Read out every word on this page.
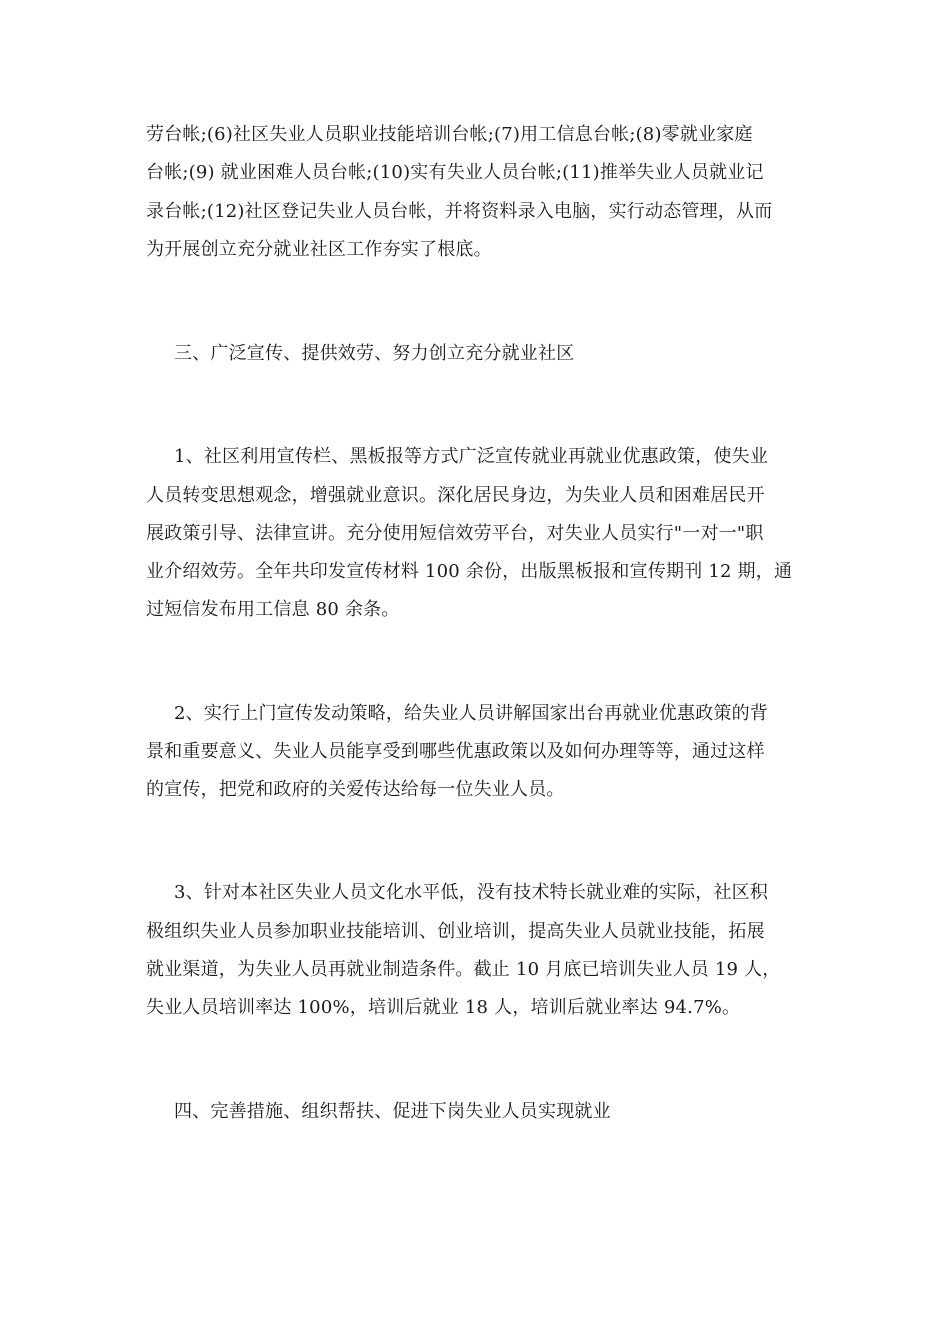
劳台帐;(6)社区失业人员职业技能培训台帐;(7)用工信息台帐;(8)零就业家庭
台帐;(9) 就业困难人员台帐;(10)实有失业人员台帐;(11)推举失业人员就业记
录台帐;(12)社区登记失业人员台帐，并将资料录入电脑，实行动态管理，从而
为开展创立充分就业社区工作夯实了根底。
三、广泛宣传、提供效劳、努力创立充分就业社区
1、社区利用宣传栏、黑板报等方式广泛宣传就业再就业优惠政策，使失业
人员转变思想观念，增强就业意识。深化居民身边，为失业人员和困难居民开
展政策引导、法律宣讲。充分使用短信效劳平台，对失业人员实行"一对一"职
业介绍效劳。全年共印发宣传材料 100 余份，出版黑板报和宣传期刊 12 期，通
过短信发布用工信息 80 余条。
2、实行上门宣传发动策略，给失业人员讲解国家出台再就业优惠政策的背
景和重要意义、失业人员能享受到哪些优惠政策以及如何办理等等，通过这样
的宣传，把党和政府的关爱传达给每一位失业人员。
3、针对本社区失业人员文化水平低，没有技术特长就业难的实际，社区积
极组织失业人员参加职业技能培训、创业培训，提高失业人员就业技能，拓展
就业渠道，为失业人员再就业制造条件。截止 10 月底已培训失业人员 19 人，
失业人员培训率达 100%，培训后就业 18 人，培训后就业率达 94.7%。
四、完善措施、组织帮扶、促进下岗失业人员实现就业
